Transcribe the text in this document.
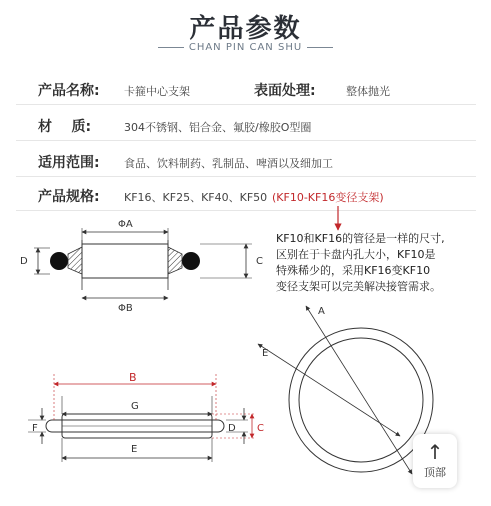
产品参数
CHAN PIN CAN SHU
产品名称: 卡箍中心支架	表面处理:	整体抛光
材    质:	304不锈钢、铝合金、氟胶/橡胶O型圈
适用范围: 食品、饮料制药、乳制品、啤酒以及细加工
产品规格: KF16、KF25、KF40、KF50 (KF10-KF16变径支架)
ΦA
ΦB
D	C
A
E
B
G
E
F	D C
KF10和KF16的管径是一样的尺寸,
区别在于卡盘内孔大小，KF10是
特殊稀少的，采用KF16变KF10
变径支架可以完美解决接管需求。
↑
顶部
